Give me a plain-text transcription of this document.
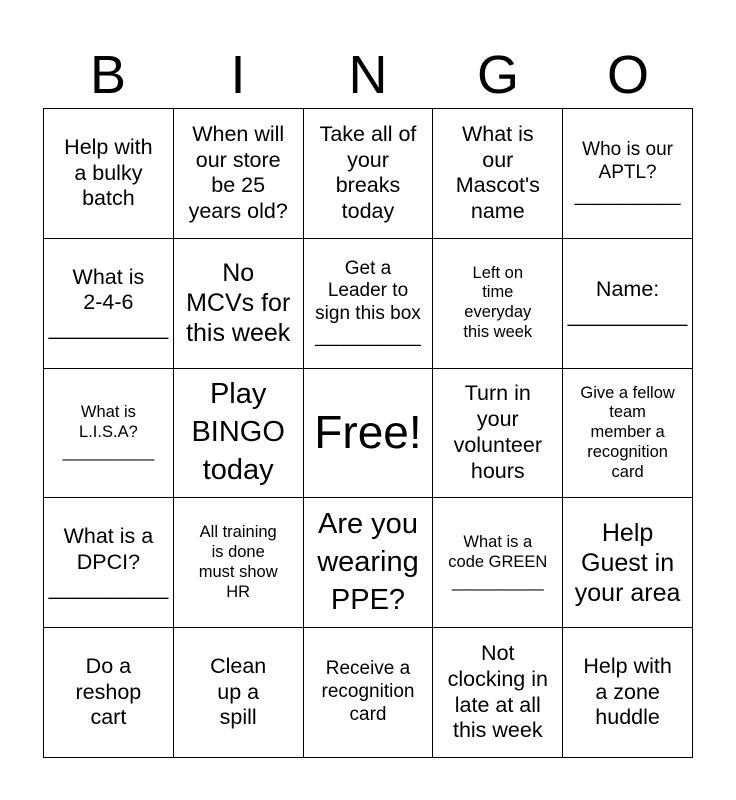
B	I	N	G	O
Help with
a bulky
batch
When will
our store
be 25
years old?
Take all of
your
breaks
today
What is
our
Mascot's
name
Who is our
APTL?
__________
What is
2-4-6
__________
No
MCVs for
this week
Get a
Leader to
sign this box
__________
Left on
time
everyday
this week
Name:
__________
What is
L.I.S.A?
__________
Play
BINGO
today
Free!
Turn in
your
volunteer
hours
Give a fellow
team
member a
recognition
card
What is a
DPCI?
__________
All training
is done
must show
HR
Are you
wearing
PPE?
What is a
code GREEN
__________
Help
Guest in
your area
Do a
reshop
cart
Clean
up a
spill
Receive a
recognition
card
Not
clocking in
late at all
this week
Help with
a zone
huddle
